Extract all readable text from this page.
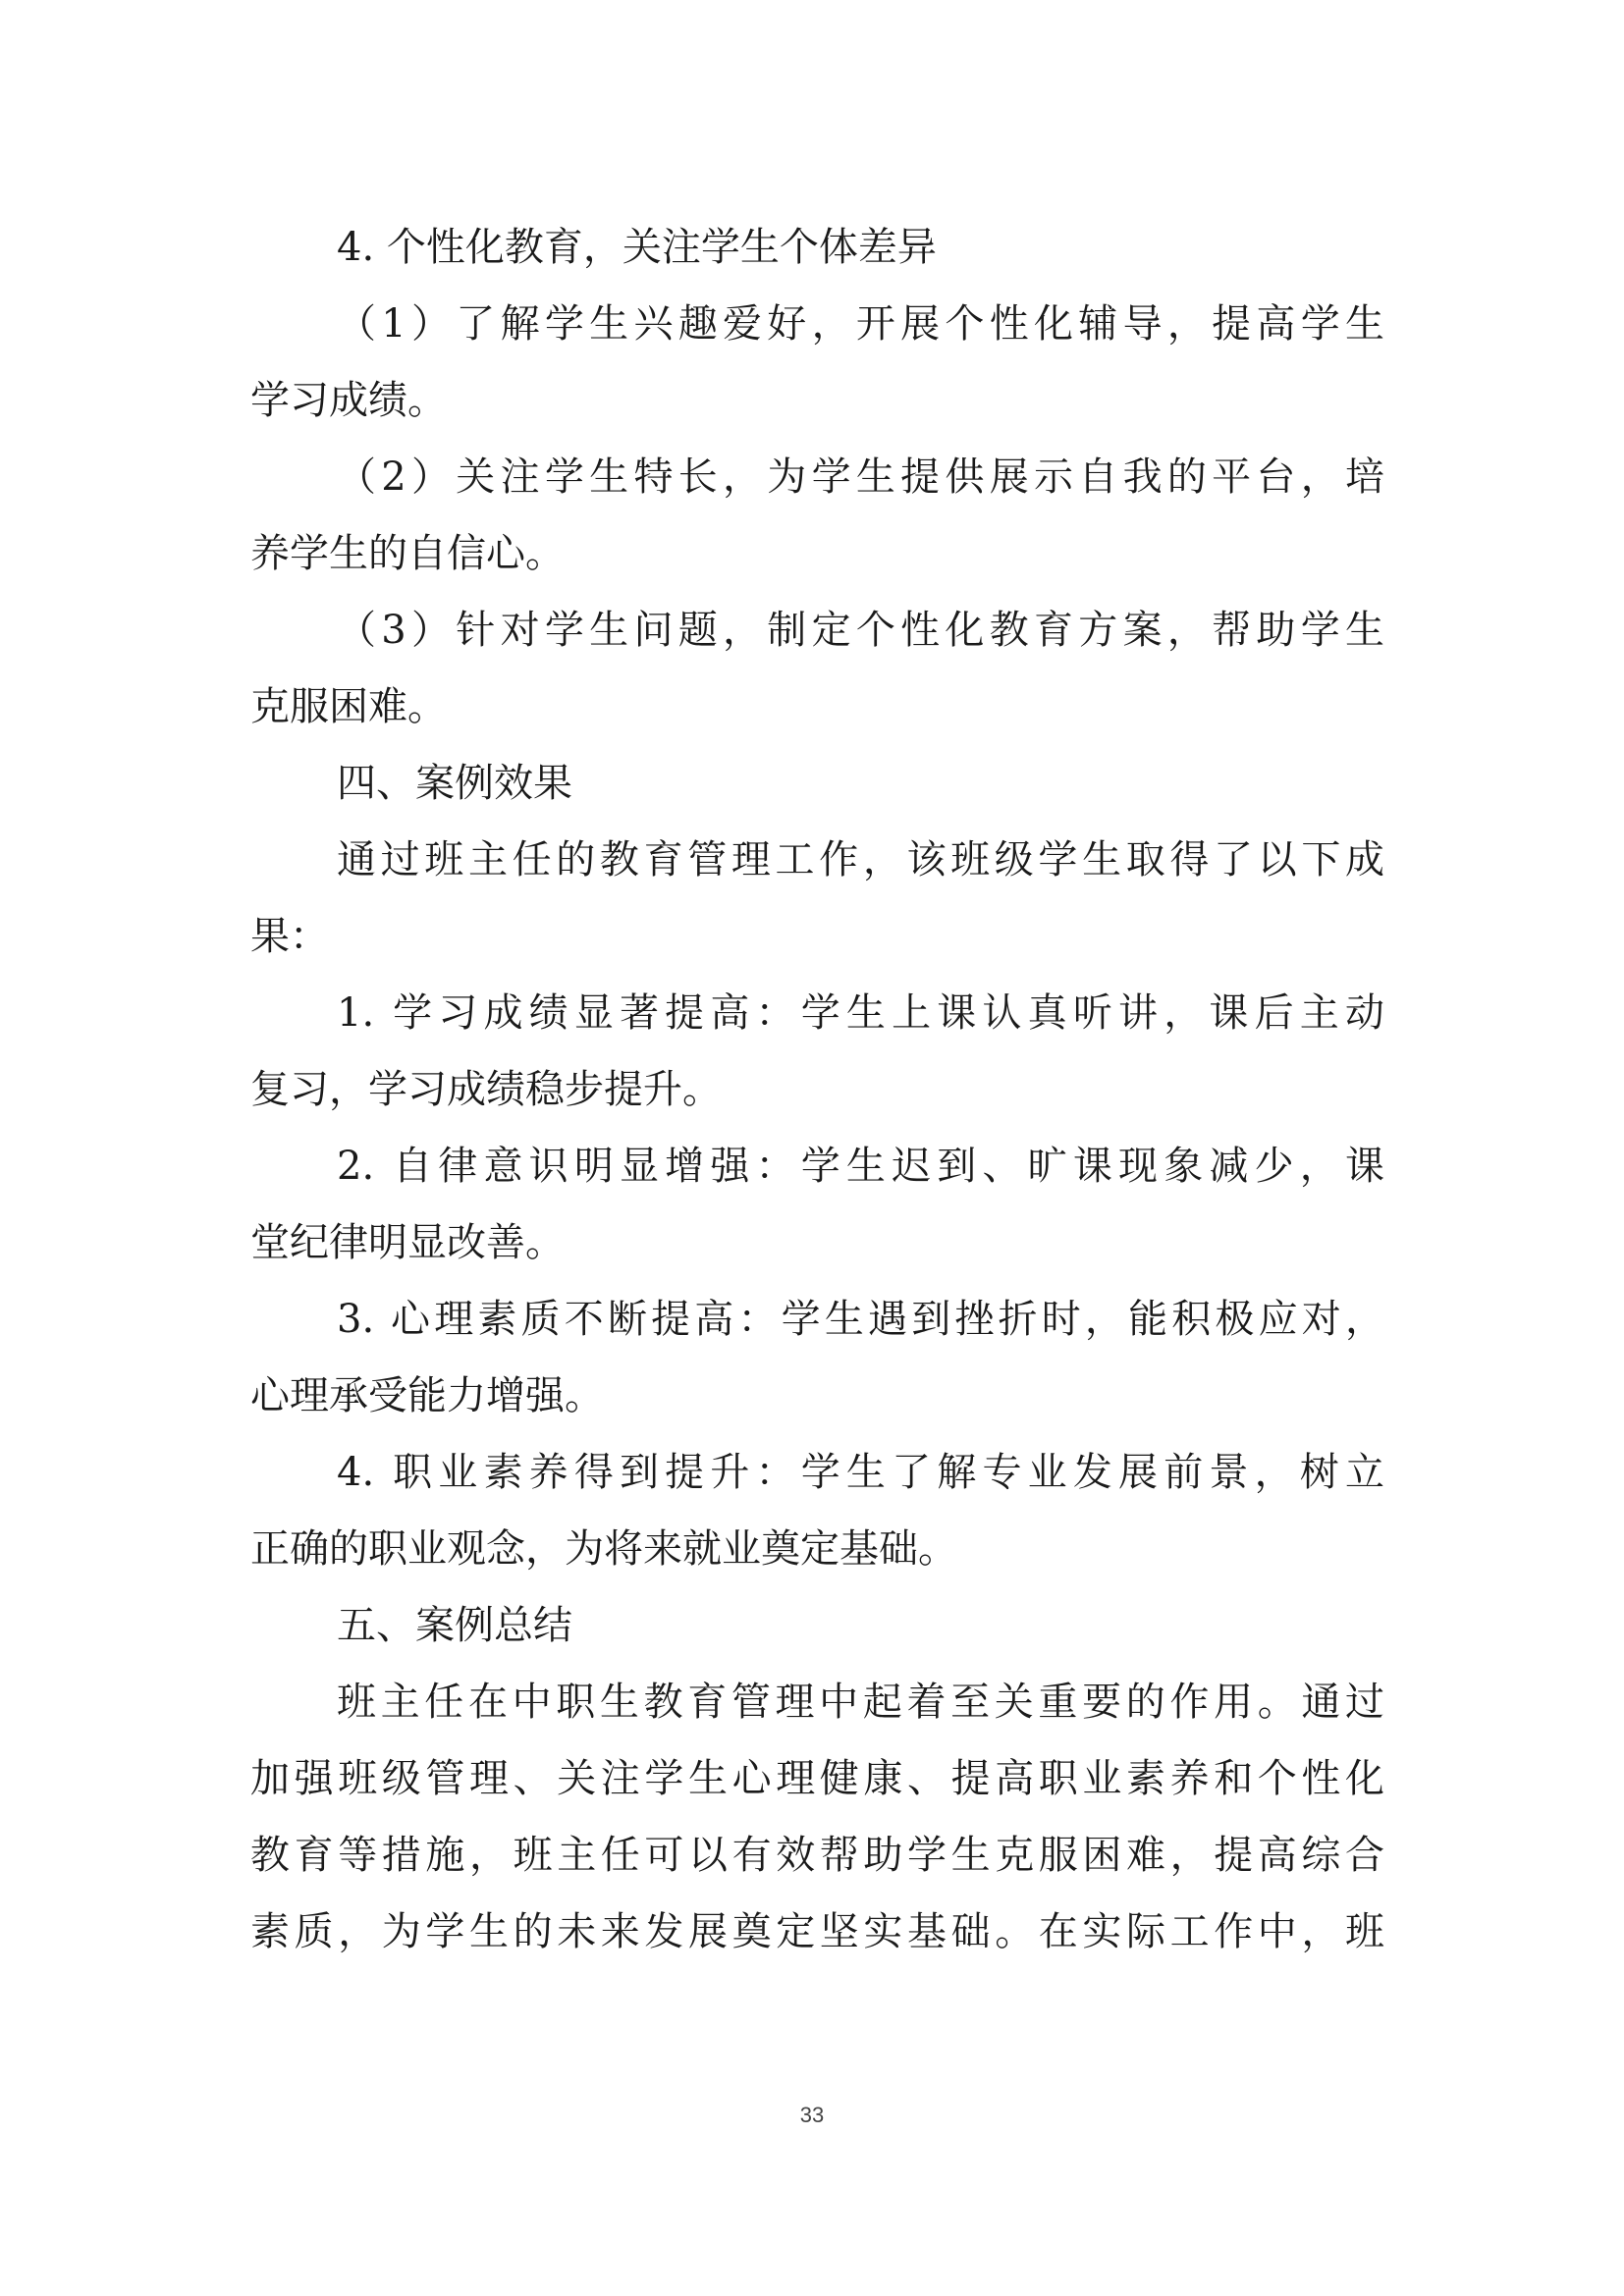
4. 个性化教育，关注学生个体差异
（1）了解学生兴趣爱好，开展个性化辅导，提高学生
学习成绩。
（2）关注学生特长，为学生提供展示自我的平台，培
养学生的自信心。
（3）针对学生问题，制定个性化教育方案，帮助学生
克服困难。
四、案例效果
通过班主任的教育管理工作，该班级学生取得了以下成
果：
1. 学习成绩显著提高：学生上课认真听讲，课后主动
复习，学习成绩稳步提升。
2. 自律意识明显增强：学生迟到、旷课现象减少，课
堂纪律明显改善。
3. 心理素质不断提高：学生遇到挫折时，能积极应对，
心理承受能力增强。
4. 职业素养得到提升：学生了解专业发展前景，树立
正确的职业观念，为将来就业奠定基础。
五、案例总结
班主任在中职生教育管理中起着至关重要的作用。通过
加强班级管理、关注学生心理健康、提高职业素养和个性化
教育等措施，班主任可以有效帮助学生克服困难，提高综合
素质，为学生的未来发展奠定坚实基础。在实际工作中，班
33
